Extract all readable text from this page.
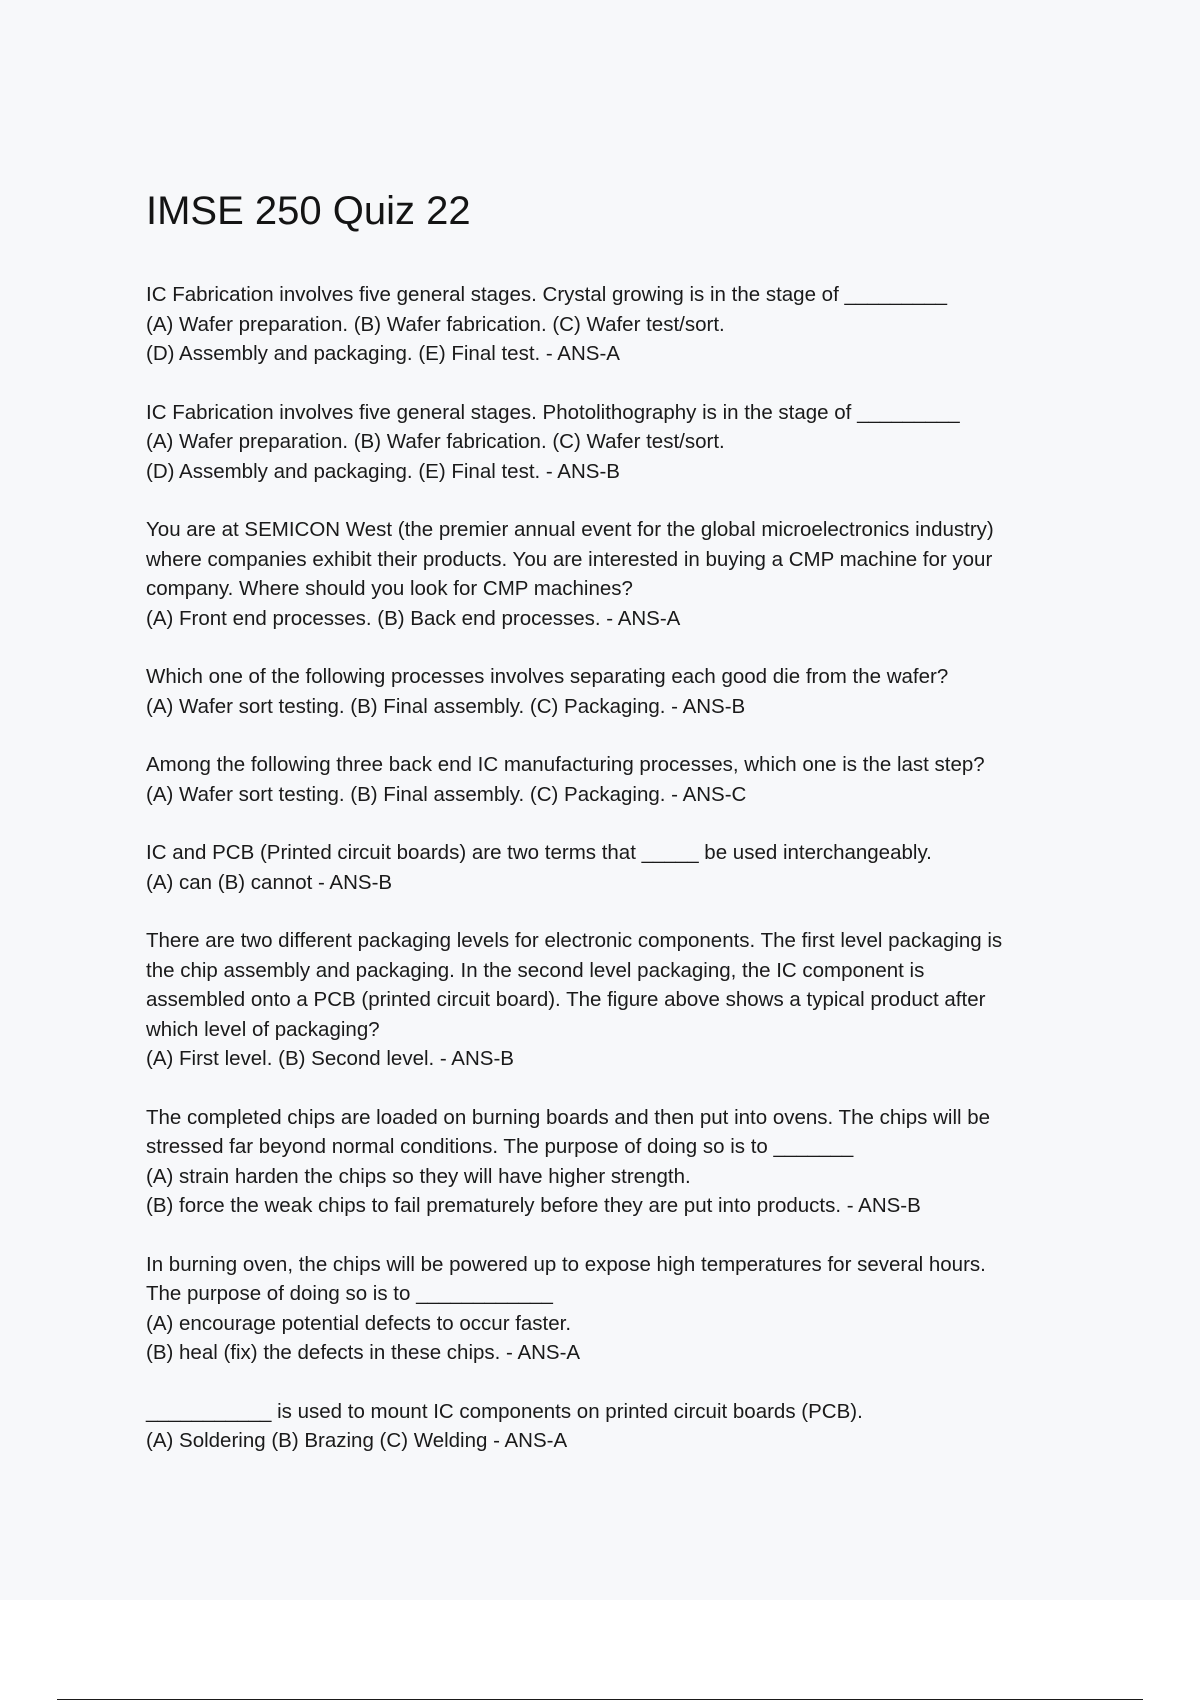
IMSE 250 Quiz 22
IC Fabrication involves five general stages. Crystal growing is in the stage of _________
(A) Wafer preparation. (B) Wafer fabrication. (C) Wafer test/sort.
(D) Assembly and packaging. (E) Final test. - ANS-A
IC Fabrication involves five general stages. Photolithography is in the stage of _________
(A) Wafer preparation. (B) Wafer fabrication. (C) Wafer test/sort.
(D) Assembly and packaging. (E) Final test. - ANS-B
You are at SEMICON West (the premier annual event for the global microelectronics industry)
where companies exhibit their products. You are interested in buying a CMP machine for your
company. Where should you look for CMP machines?
(A) Front end processes. (B) Back end processes. - ANS-A
Which one of the following processes involves separating each good die from the wafer?
(A) Wafer sort testing. (B) Final assembly. (C) Packaging. - ANS-B
Among the following three back end IC manufacturing processes, which one is the last step?
(A) Wafer sort testing. (B) Final assembly. (C) Packaging. - ANS-C
IC and PCB (Printed circuit boards) are two terms that _____ be used interchangeably.
(A) can (B) cannot - ANS-B
There are two different packaging levels for electronic components. The first level packaging is
the chip assembly and packaging. In the second level packaging, the IC component is
assembled onto a PCB (printed circuit board). The figure above shows a typical product after
which level of packaging?
(A) First level. (B) Second level. - ANS-B
The completed chips are loaded on burning boards and then put into ovens. The chips will be
stressed far beyond normal conditions. The purpose of doing so is to _______
(A) strain harden the chips so they will have higher strength.
(B) force the weak chips to fail prematurely before they are put into products. - ANS-B
In burning oven, the chips will be powered up to expose high temperatures for several hours.
The purpose of doing so is to ____________
(A) encourage potential defects to occur faster.
(B) heal (fix) the defects in these chips. - ANS-A
___________ is used to mount IC components on printed circuit boards (PCB).
(A) Soldering (B) Brazing (C) Welding - ANS-A
